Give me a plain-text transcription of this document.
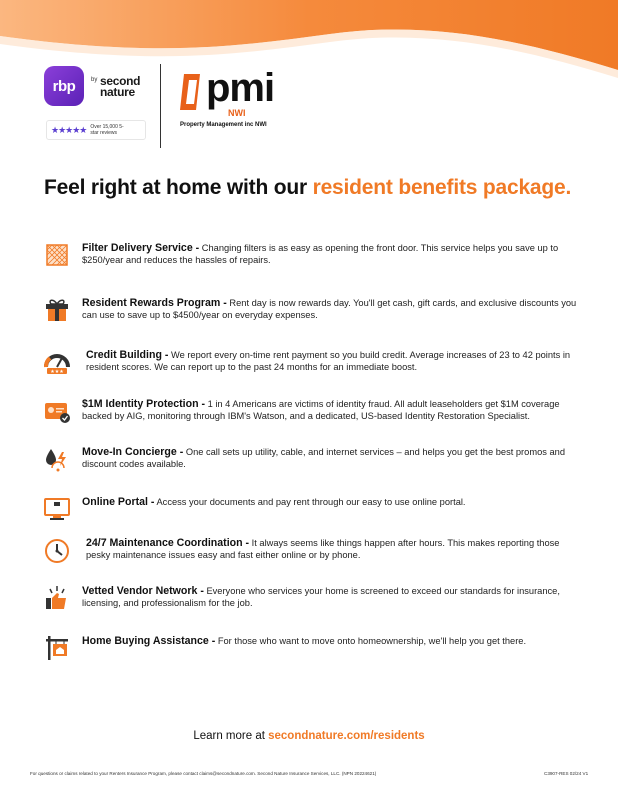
rbp	by second nature
★★★★★ Over 15,000 5-star reviews
pmi
NWI
Property Management inc NWI
Feel right at home with our resident benefits package.
Filter Delivery Service - Changing filters is as easy as opening the front door. This service helps you save up to $250/year and reduces the hassles of repairs.
Resident Rewards Program - Rent day is now rewards day. You'll get cash, gift cards, and exclusive discounts you can use to save up to $4500/year on everyday expenses.
★★★
Credit Building - We report every on-time rent payment so you build credit. Average increases of 23 to 42 points in resident scores. We can report up to the past 24 months for an immediate boost.
$1M Identity Protection - 1 in 4 Americans are victims of identity fraud. All adult leaseholders get $1M coverage backed by AIG, monitoring through IBM's Watson, and a dedicated, US-based Identity Restoration Specialist.
Move-In Concierge - One call sets up utility, cable, and internet services – and helps you get the best promos and discount codes available.
Online Portal - Access your documents and pay rent through our easy to use online portal.
24/7 Maintenance Coordination - It always seems like things happen after hours. This makes reporting those pesky maintenance issues easy and fast either online or by phone.
Vetted Vendor Network - Everyone who services your home is screened to exceed our standards for insurance, licensing, and professionalism for the job.
Home Buying Assistance - For those who want to move onto homeownership, we'll help you get there.
Learn more at secondnature.com/residents
For questions or claims related to your Renters Insurance Program, please contact claims@secondnature.com. Second Nature Insurance Services, LLC. (NPN 20224621)	C3907-RES 02/24 V1
